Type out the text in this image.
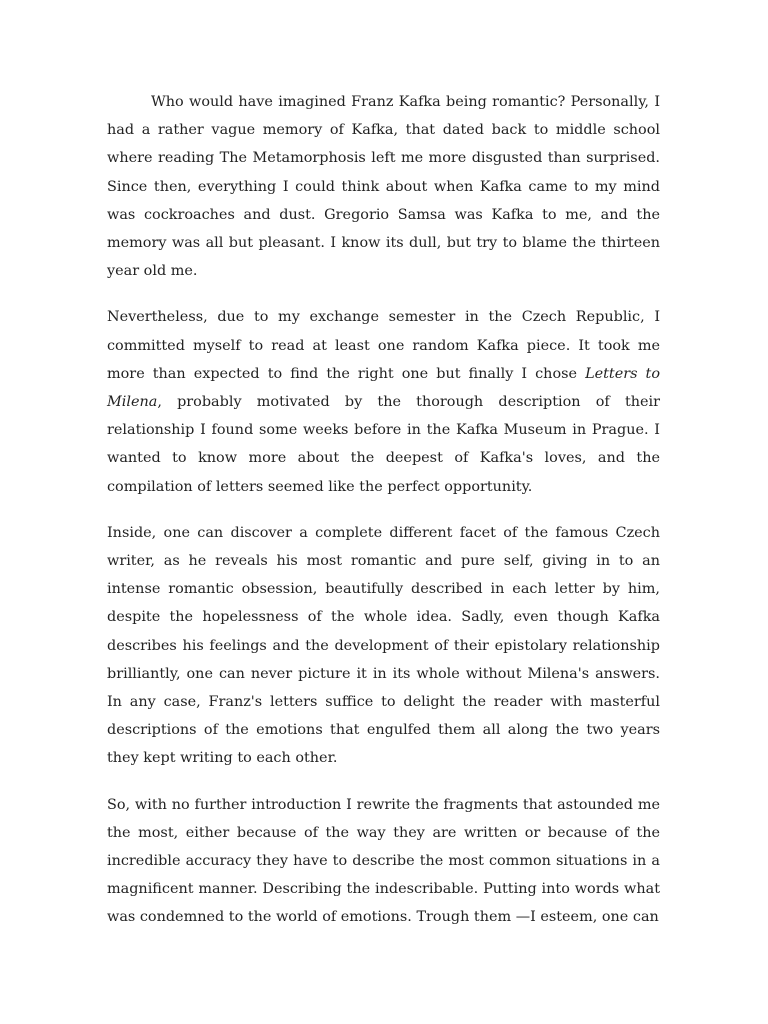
Who would have imagined Franz Kafka being romantic? Personally, I had a rather vague memory of Kafka, that dated back to middle school where reading The Metamorphosis left me more disgusted than surprised. Since then, everything I could think about when Kafka came to my mind was cockroaches and dust. Gregorio Samsa was Kafka to me, and the memory was all but pleasant. I know its dull, but try to blame the thirteen year old me.

Nevertheless, due to my exchange semester in the Czech Republic, I committed myself to read at least one random Kafka piece. It took me more than expected to find the right one but finally I chose Letters to Milena, probably motivated by the thorough description of their relationship I found some weeks before in the Kafka Museum in Prague. I wanted to know more about the deepest of Kafka's loves, and the compilation of letters seemed like the perfect opportunity.

Inside, one can discover a complete different facet of the famous Czech writer, as he reveals his most romantic and pure self, giving in to an intense romantic obsession, beautifully described in each letter by him, despite the hopelessness of the whole idea. Sadly, even though Kafka describes his feelings and the development of their epistolary relationship brilliantly, one can never picture it in its whole without Milena's answers. In any case, Franz's letters suffice to delight the reader with masterful descriptions of the emotions that engulfed them all along the two years they kept writing to each other.

So, with no further introduction I rewrite the fragments that astounded me the most, either because of the way they are written or because of the incredible accuracy they have to describe the most common situations in a magnificent manner. Describing the indescribable. Putting into words what was condemned to the world of emotions. Trough them —I esteem, one can
